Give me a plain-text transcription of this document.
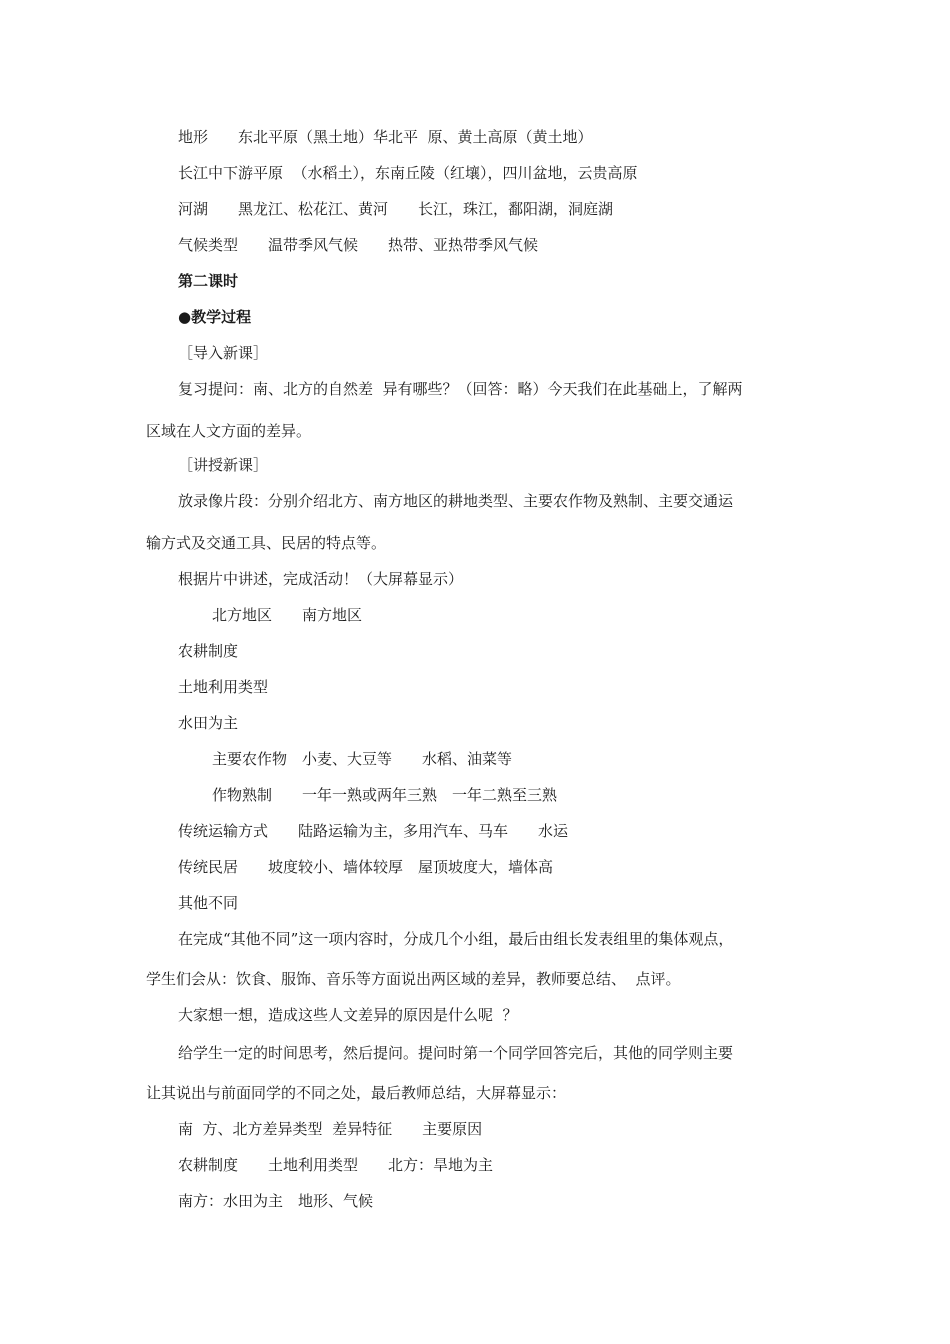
地形　　东北平原（黑土地）华北平  原、黄土高原（黄土地）
长江中下游平原  （水稻土），东南丘陵（红壤），四川盆地，云贵高原
河湖　　黑龙江、松花江、黄河　　长江，珠江，鄱阳湖，洞庭湖
气候类型　　温带季风气候　　热带、亚热带季风气候
第二课时
●教学过程
［导入新课］
复习提问：南、北方的自然差  异有哪些？（回答：略）今天我们在此基础上，了解两
区域在人文方面的差异。
［讲授新课］
放录像片段：分别介绍北方、南方地区的耕地类型、主要农作物及熟制、主要交通运
输方式及交通工具、民居的特点等。
根据片中讲述，完成活动！（大屏幕显示）
北方地区　　南方地区
农耕制度
土地利用类型
水田为主
主要农作物　小麦、大豆等　　水稻、油菜等
作物熟制　　一年一熟或两年三熟　一年二熟至三熟
传统运输方式　　陆路运输为主，多用汽车、马车　　水运
传统民居　　坡度较小、墙体较厚　屋顶坡度大，墙体高
其他不同
在完成“其他不同”这一项内容时，分成几个小组，最后由组长发表组里的集体观点，
学生们会从：饮食、服饰、音乐等方面说出两区域的差异，教师要总结、  点评。
大家想一想，造成这些人文差异的原因是什么呢  ？
给学生一定的时间思考，然后提问。提问时第一个同学回答完后，其他的同学则主要
让其说出与前面同学的不同之处，最后教师总结，大屏幕显示：
南  方、北方差异类型  差异特征　　主要原因
农耕制度　　土地利用类型　　北方：旱地为主
南方：水田为主　地形、气候
